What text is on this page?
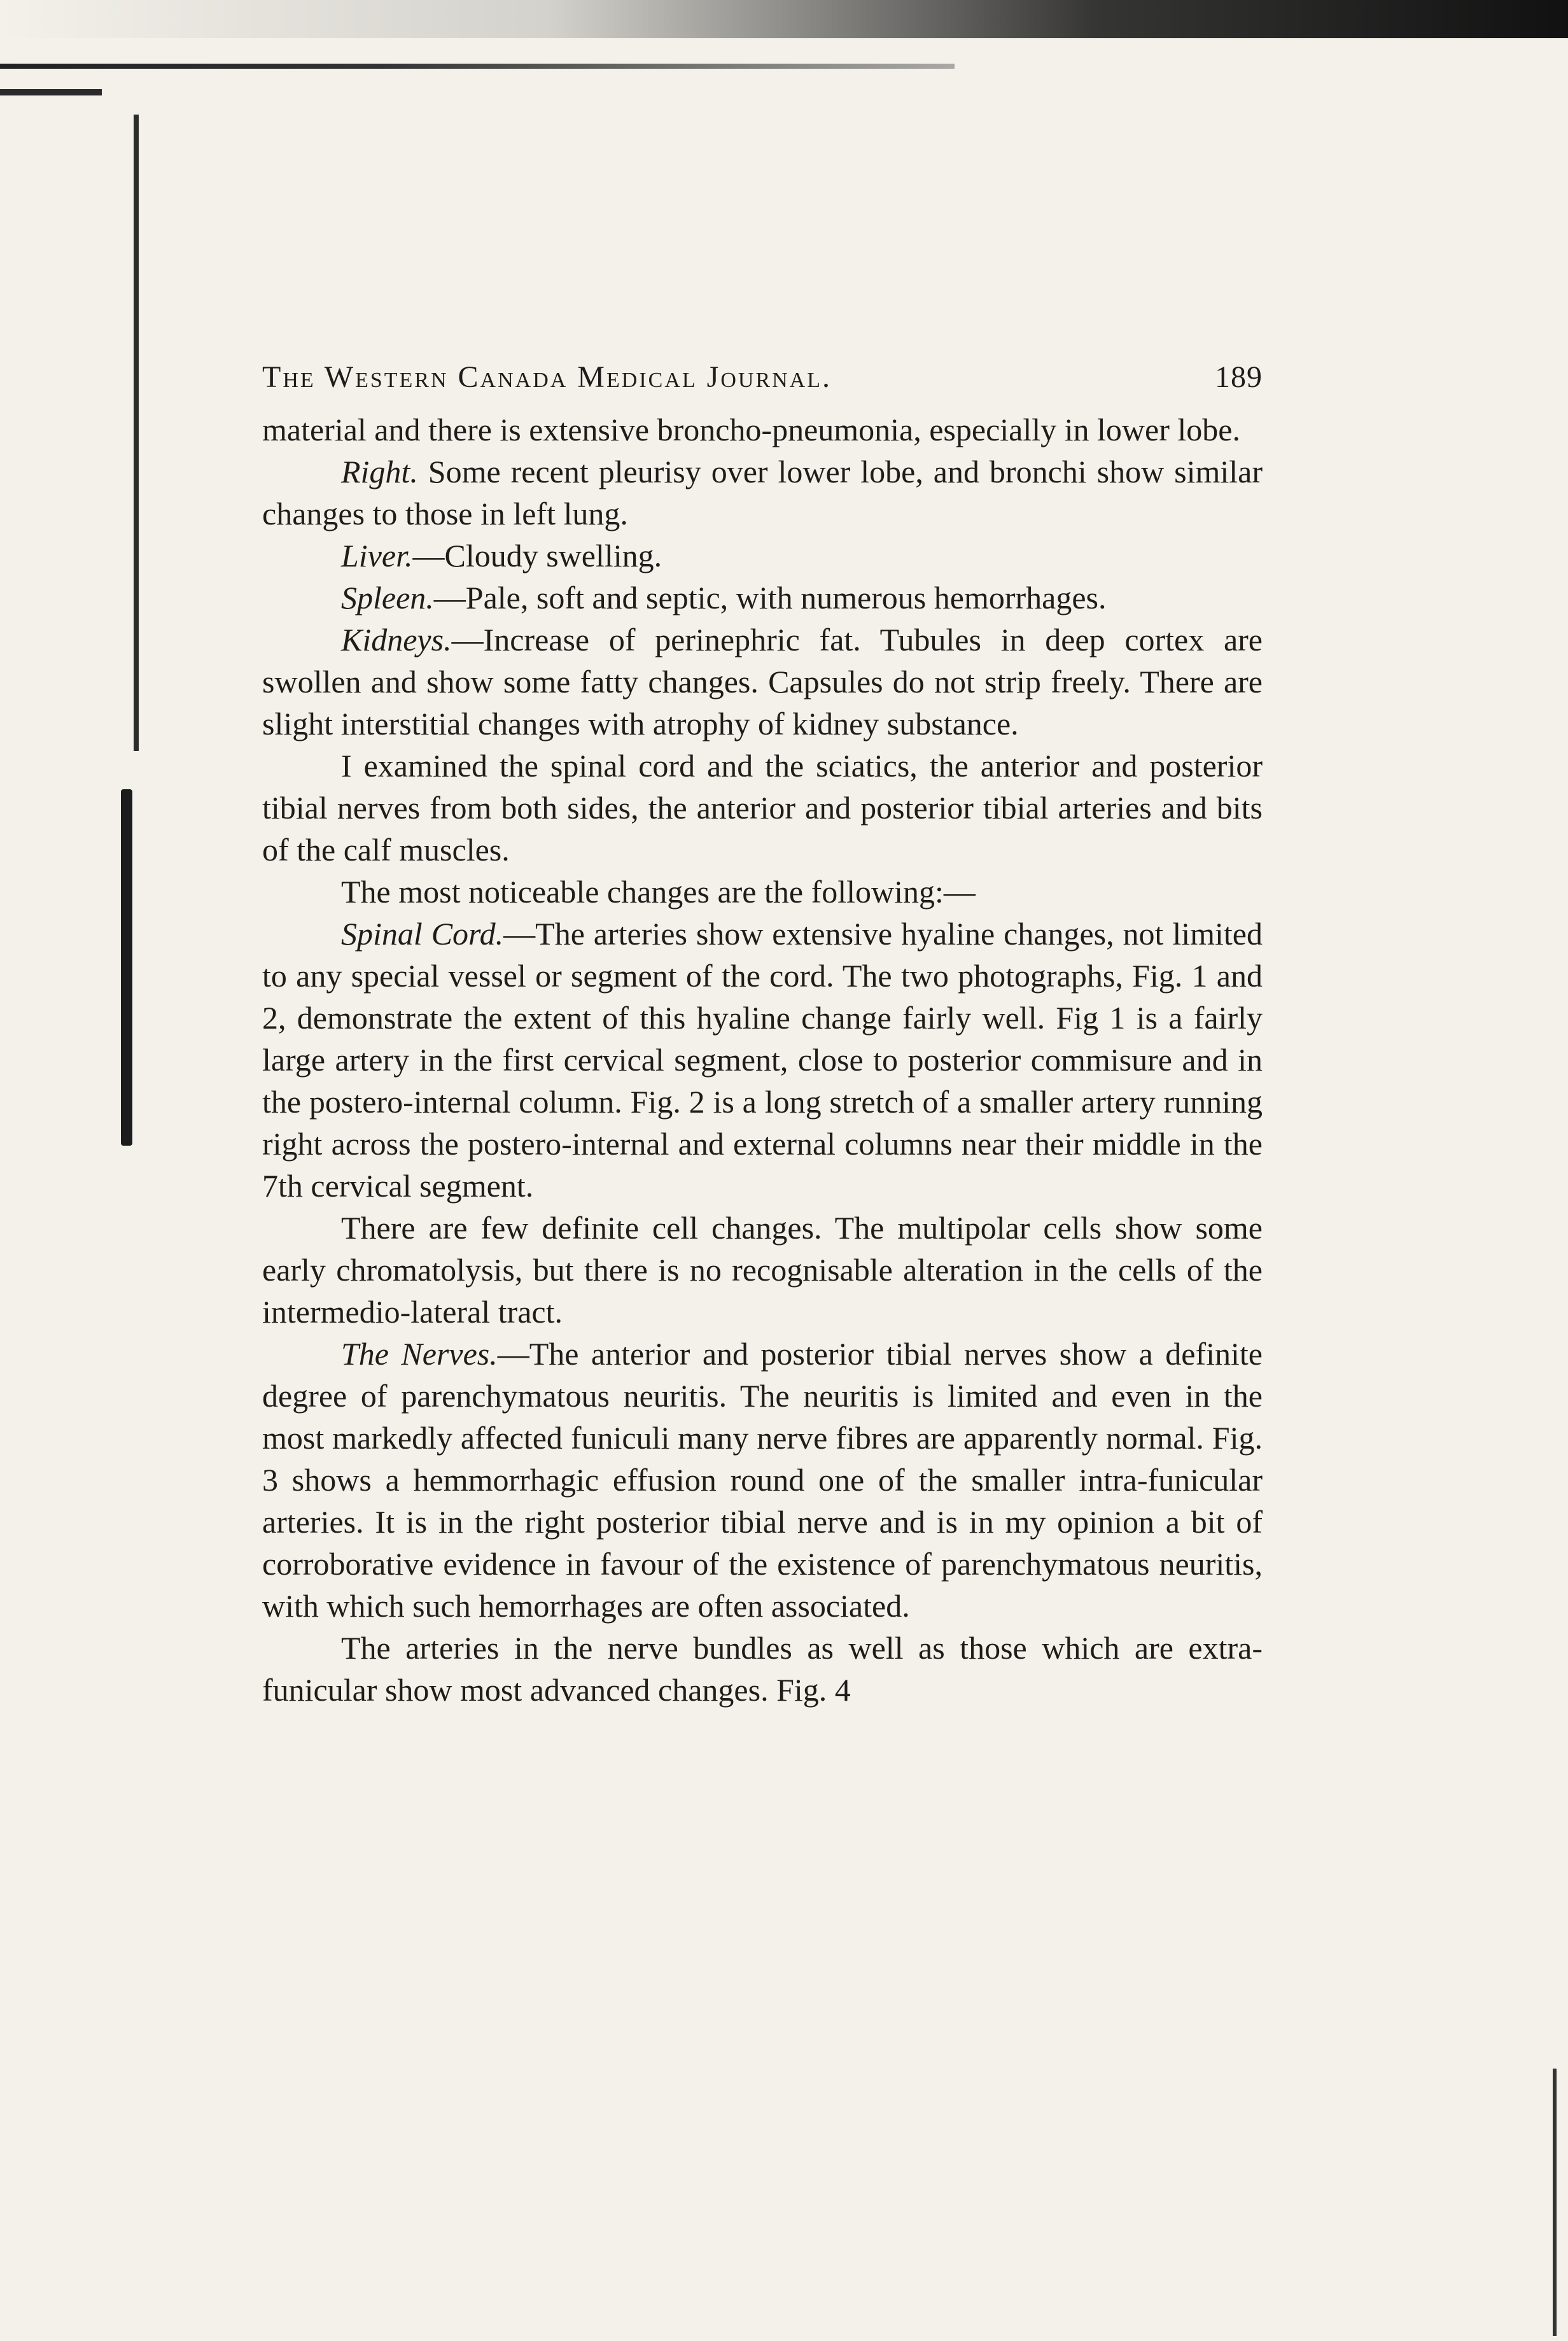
The Western Canada Medical Journal.	189

material and there is extensive broncho-pneumonia, especially in lower lobe.

Right. Some recent pleurisy over lower lobe, and bronchi show similar changes to those in left lung.

Liver.—Cloudy swelling.

Spleen.—Pale, soft and septic, with numerous hemorrhages.

Kidneys.—Increase of perinephric fat. Tubules in deep cortex are swollen and show some fatty changes. Capsules do not strip freely. There are slight interstitial changes with atrophy of kidney substance.

I examined the spinal cord and the sciatics, the anterior and posterior tibial nerves from both sides, the anterior and posterior tibial arteries and bits of the calf muscles.

The most noticeable changes are the following:—

Spinal Cord.—The arteries show extensive hyaline changes, not limited to any special vessel or segment of the cord. The two photographs, Fig. 1 and 2, demonstrate the extent of this hyaline change fairly well. Fig 1 is a fairly large artery in the first cervical segment, close to posterior commisure and in the postero-internal column. Fig. 2 is a long stretch of a smaller artery running right across the postero-internal and external columns near their middle in the 7th cervical segment.

There are few definite cell changes. The multipolar cells show some early chromatolysis, but there is no recognisable alteration in the cells of the intermedio-lateral tract.

The Nerves.—The anterior and posterior tibial nerves show a definite degree of parenchymatous neuritis. The neuritis is limited and even in the most markedly affected funiculi many nerve fibres are apparently normal. Fig. 3 shows a hemmorrhagic effusion round one of the smaller intra-funicular arteries. It is in the right posterior tibial nerve and is in my opinion a bit of corroborative evidence in favour of the existence of parenchymatous neuritis, with which such hemorrhages are often associated.

The arteries in the nerve bundles as well as those which are extra-funicular show most advanced changes. Fig. 4
